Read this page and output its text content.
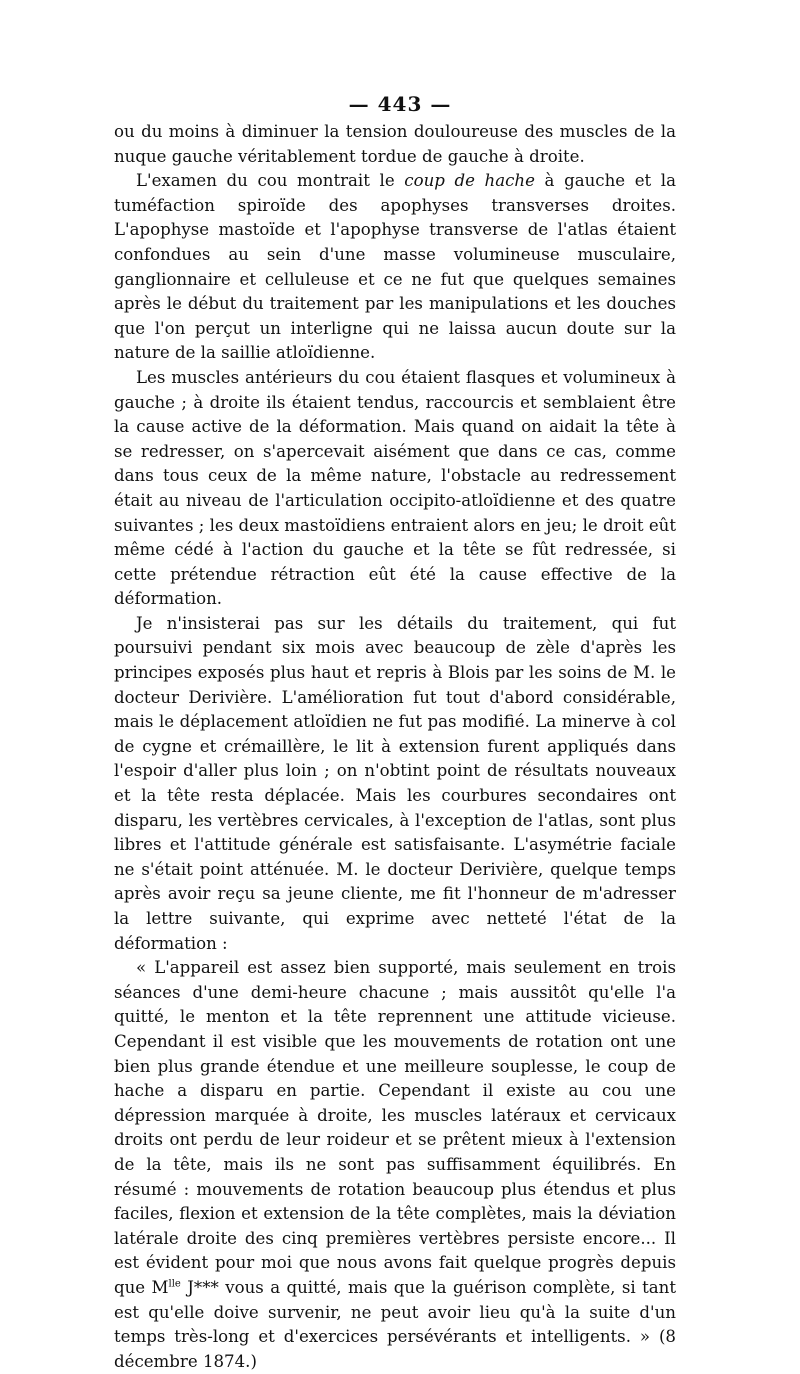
— 443 —

ou du moins à diminuer la tension douloureuse des muscles de la nuque gauche véritablement tordue de gauche à droite.

L'examen du cou montrait le coup de hache à gauche et la tuméfaction spiroïde des apophyses transverses droites. L'apophyse mastoïde et l'apophyse transverse de l'atlas étaient confondues au sein d'une masse volumineuse musculaire, ganglionnaire et celluleuse et ce ne fut que quelques semaines après le début du traitement par les manipulations et les douches que l'on perçut un interligne qui ne laissa aucun doute sur la nature de la saillie atloïdienne.

Les muscles antérieurs du cou étaient flasques et volumineux à gauche ; à droite ils étaient tendus, raccourcis et semblaient être la cause active de la déformation. Mais quand on aidait la tête à se redresser, on s'apercevait aisément que dans ce cas, comme dans tous ceux de la même nature, l'obstacle au redressement était au niveau de l'articulation occipito-atloïdienne et des quatre suivantes ; les deux mastoïdiens entraient alors en jeu; le droit eût même cédé à l'action du gauche et la tête se fût redressée, si cette prétendue rétraction eût été la cause effective de la déformation.

Je n'insisterai pas sur les détails du traitement, qui fut poursuivi pendant six mois avec beaucoup de zèle d'après les principes exposés plus haut et repris à Blois par les soins de M. le docteur Derivière. L'amélioration fut tout d'abord considérable, mais le déplacement atloïdien ne fut pas modifié. La minerve à col de cygne et crémaillère, le lit à extension furent appliqués dans l'espoir d'aller plus loin ; on n'obtint point de résultats nouveaux et la tête resta déplacée. Mais les courbures secondaires ont disparu, les vertèbres cervicales, à l'exception de l'atlas, sont plus libres et l'attitude générale est satisfaisante. L'asymétrie faciale ne s'était point atténuée. M. le docteur Derivière, quelque temps après avoir reçu sa jeune cliente, me fit l'honneur de m'adresser la lettre suivante, qui exprime avec netteté l'état de la déformation :

« L'appareil est assez bien supporté, mais seulement en trois séances d'une demi-heure chacune ; mais aussitôt qu'elle l'a quitté, le menton et la tête reprennent une attitude vicieuse. Cependant il est visible que les mouvements de rotation ont une bien plus grande étendue et une meilleure souplesse, le coup de hache a disparu en partie. Cependant il existe au cou une dépression marquée à droite, les muscles latéraux et cervicaux droits ont perdu de leur roideur et se prêtent mieux à l'extension de la tête, mais ils ne sont pas suffisamment équilibrés. En résumé : mouvements de rotation beaucoup plus étendus et plus faciles, flexion et extension de la tête complètes, mais la déviation latérale droite des cinq premières vertèbres persiste encore... Il est évident pour moi que nous avons fait quelque progrès depuis que $M^{lle}$ J*** vous a quitté, mais que la guérison complète, si tant est qu'elle doive survenir, ne peut avoir lieu qu'à la suite d'un temps très-long et d'exercices persévérants et intelligents. » (8 décembre 1874.)
